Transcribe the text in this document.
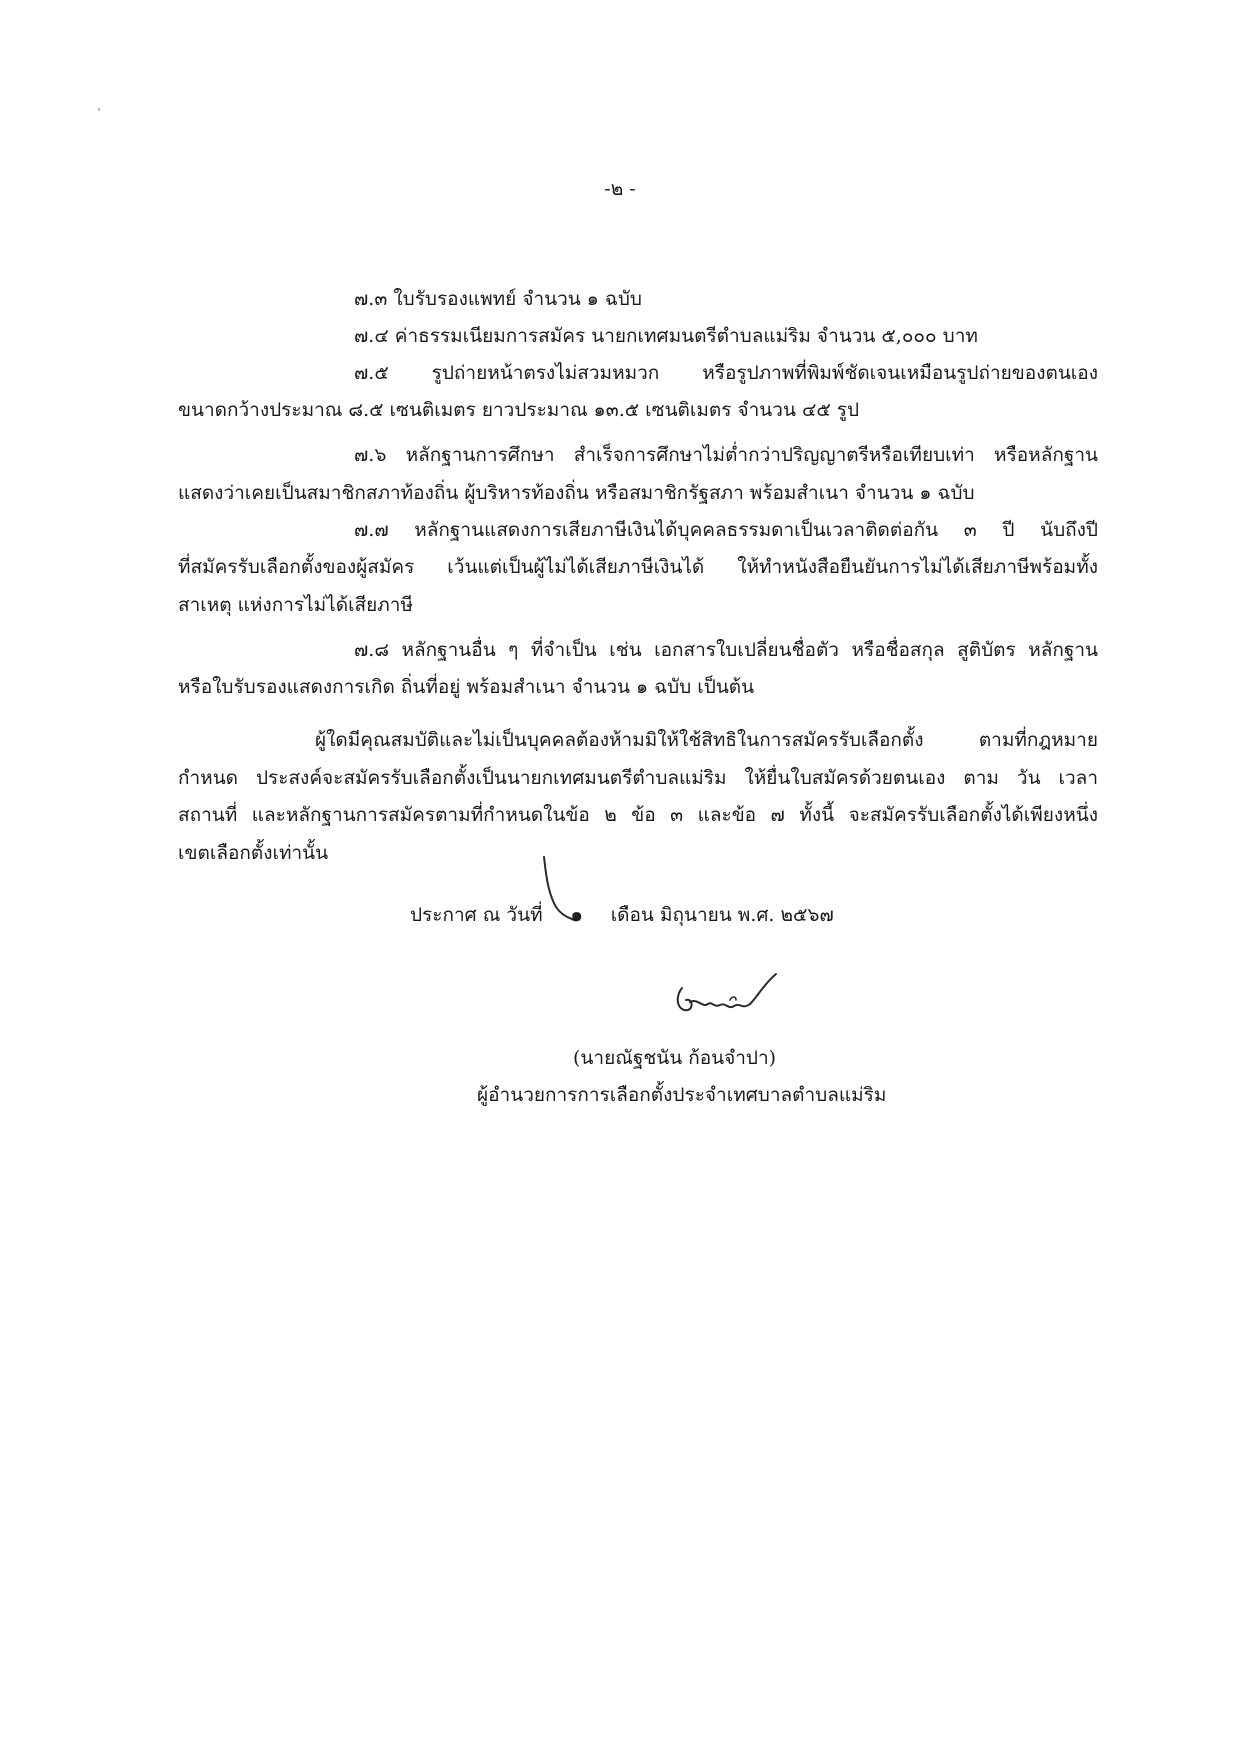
-๒ -
๗.๓ ใบรับรองแพทย์ จำนวน ๑ ฉบับ
๗.๔ ค่าธรรมเนียมการสมัคร นายกเทศมนตรีตำบลแม่ริม จำนวน ๕,๐๐๐ บาท
๗.๕ รูปถ่ายหน้าตรงไม่สวมหมวก หรือรูปภาพที่พิมพ์ชัดเจนเหมือนรูปถ่ายของตนเอง
ขนาดกว้างประมาณ ๘.๕ เซนติเมตร ยาวประมาณ ๑๓.๕ เซนติเมตร จำนวน ๔๕ รูป
๗.๖ หลักฐานการศึกษา สำเร็จการศึกษาไม่ต่ำกว่าปริญญาตรีหรือเทียบเท่า หรือหลักฐาน
แสดงว่าเคยเป็นสมาชิกสภาท้องถิ่น ผู้บริหารท้องถิ่น หรือสมาชิกรัฐสภา พร้อมสำเนา จำนวน ๑ ฉบับ
๗.๗ หลักฐานแสดงการเสียภาษีเงินได้บุคคลธรรมดาเป็นเวลาติดต่อกัน ๓ ปี นับถึงปี
ที่สมัครรับเลือกตั้งของผู้สมัคร เว้นแต่เป็นผู้ไม่ได้เสียภาษีเงินได้ ให้ทำหนังสือยืนยันการไม่ได้เสียภาษีพร้อมทั้ง
สาเหตุ แห่งการไม่ได้เสียภาษี
๗.๘ หลักฐานอื่น ๆ ที่จำเป็น เช่น เอกสารใบเปลี่ยนชื่อตัว หรือชื่อสกุล สูติบัตร หลักฐาน
หรือใบรับรองแสดงการเกิด ถิ่นที่อยู่ พร้อมสำเนา จำนวน ๑ ฉบับ เป็นต้น
ผู้ใดมีคุณสมบัติและไม่เป็นบุคคลต้องห้ามมิให้ใช้สิทธิในการสมัครรับเลือกตั้ง ตามที่กฎหมาย
กำหนด ประสงค์จะสมัครรับเลือกตั้งเป็นนายกเทศมนตรีตำบลแม่ริม ให้ยื่นใบสมัครด้วยตนเอง ตาม วัน เวลา
สถานที่ และหลักฐานการสมัครตามที่กำหนดในข้อ ๒ ข้อ ๓ และข้อ ๗ ทั้งนี้ จะสมัครรับเลือกตั้งได้เพียงหนึ่ง
เขตเลือกตั้งเท่านั้น
ประกาศ ณ วันที่ ๑ เดือน มิถุนายน พ.ศ. ๒๕๖๗
(นายณัฐชนัน ก้อนจำปา)
ผู้อำนวยการการเลือกตั้งประจำเทศบาลตำบลแม่ริม
